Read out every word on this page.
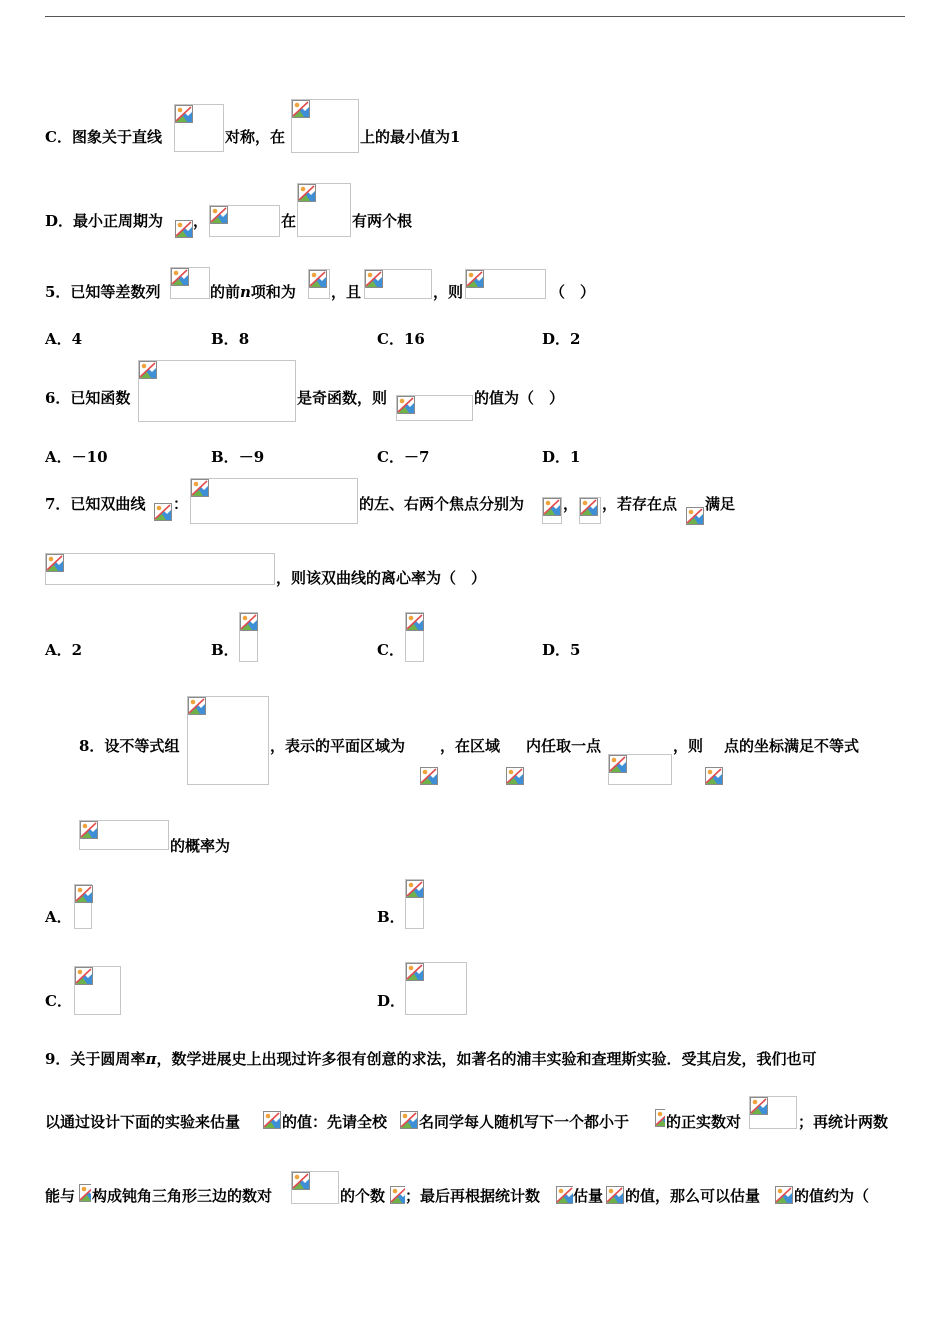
C．图象关于直线	对称，在	上的最小值为1
D．最小正周期为 ，	在	有两个根
5．已知等差数列	的前n项和为 ，且	，则	（　）
A．4	B．8	C．16	D．2
6．已知函数	是奇函数，则	的值为（　）
A．－10	B．－9	C．－7	D．1
7．已知双曲线 ：	的左、右两个焦点分别为	， ，若存在点 满足
，则该双曲线的离心率为（　）
A．2	B．	C．	D．5
8．设不等式组	，表示的平面区域为 ，在区域 内任取一点	，则 点的坐标满足不等式
的概率为
A．	B．
C．	D．
9．关于圆周率π，数学进展史上出现过许多很有创意的求法，如著名的浦丰实验和查理斯实验．受其启发，我们也可
以通过设计下面的实验来估量	的值：先请全校 名同学每人随机写下一个都小于 的正实数对	；再统计两数
能与 构成钝角三角形三边的数对	的个数 ；最后再根据统计数 估量 的值，那么可以估量 的值约为（
